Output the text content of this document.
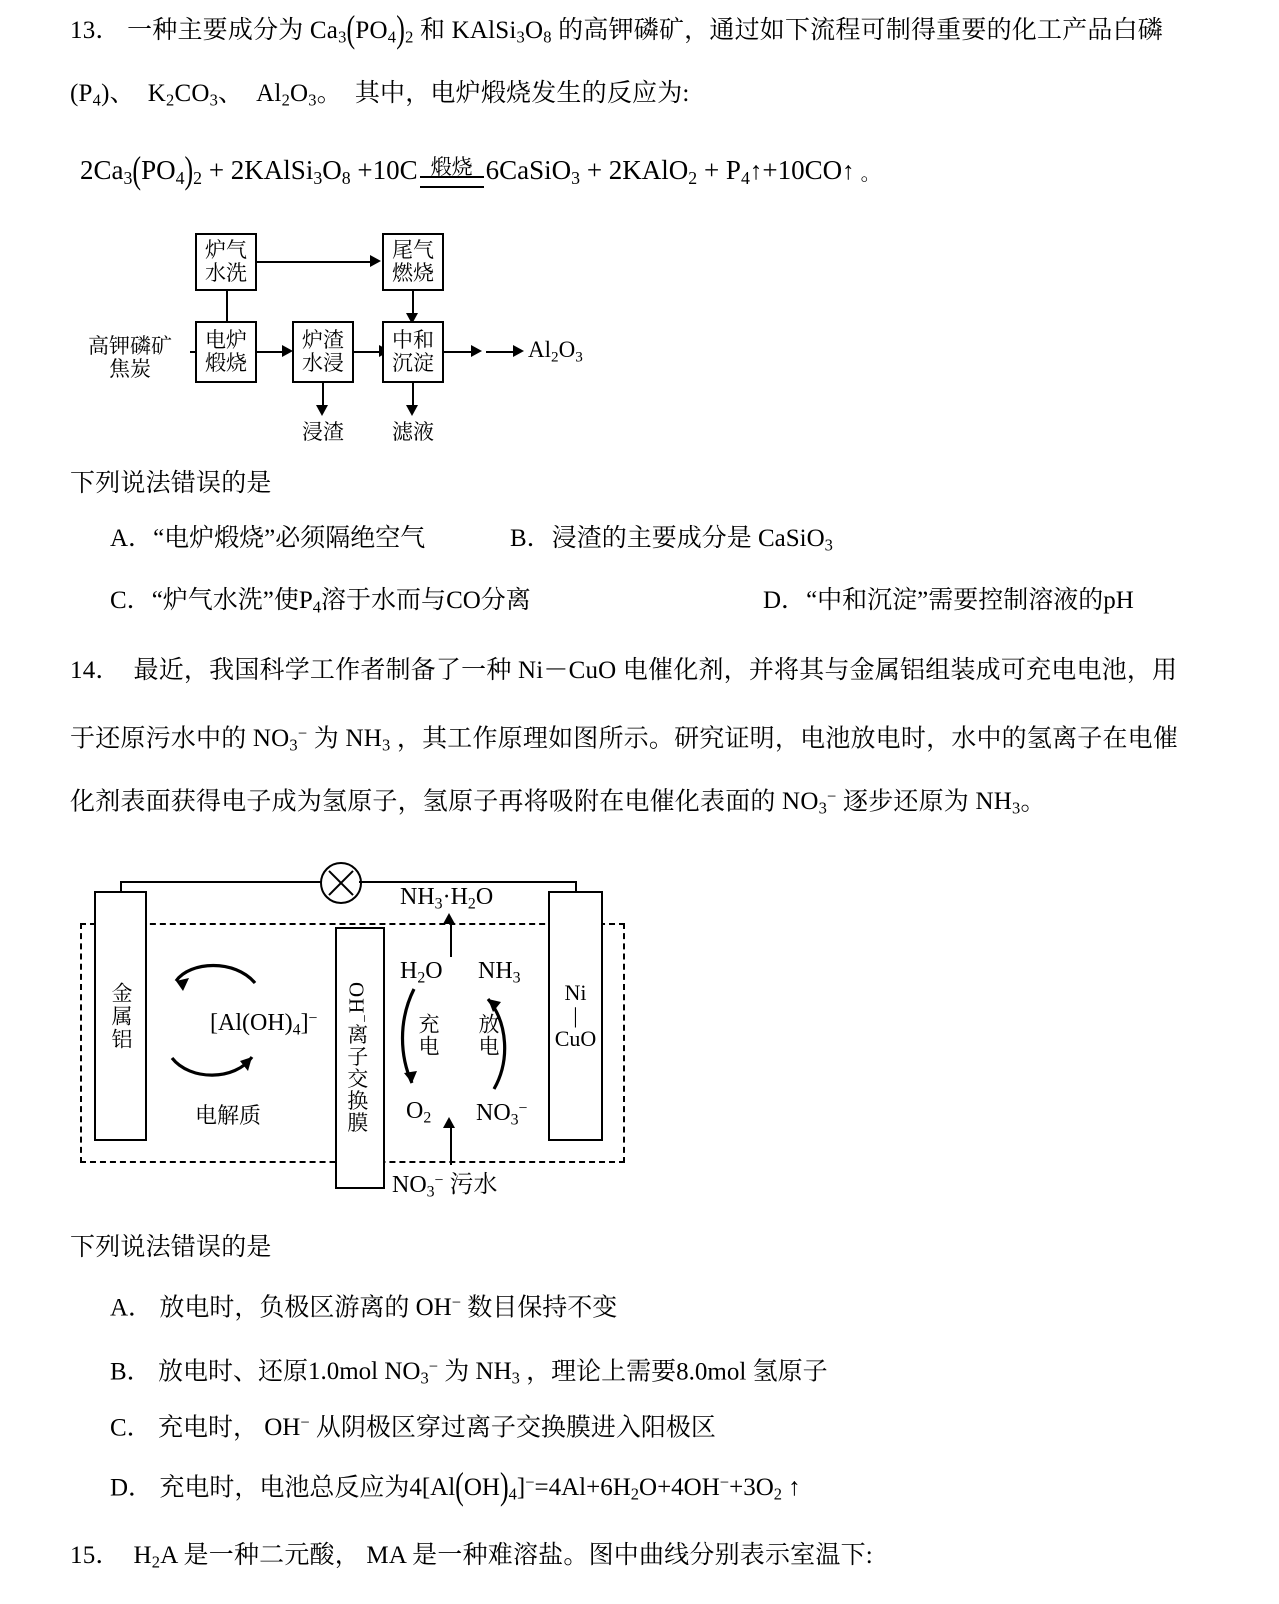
13． 一种主要成分为 $Ca_3(PO_4)_2$ 和 $KAlSi_3O_8$ 的高钾磷矿，通过如下流程可制得重要的化工产品白磷
$(P_4)$、  $K_2CO_3$、  $Al_2O_3$。  其中，电炉煅烧发生的反应为:
$2Ca_3(PO_4)_2$ + $2KAlSi_3O_8 +10C$ 煅烧 6CaSiO$_3$ + 2KAlO$_2$ + $P_4↑+10CO↑$ 。
高钾磷矿
焦炭
电炉
煅烧
炉气
水洗
尾气
燃烧
炉渣
水浸
中和
沉淀
$Al_2O_3$
浸渣	滤液
下列说法错误的是
A．“电炉煅烧”必须隔绝空气	B．浸渣的主要成分是 CaSiO$_3$
C．“炉气水洗”使$P_4$溶于水而与CO分离	D．“中和沉淀”需要控制溶液的pH
14．  最近，我国科学工作者制备了一种 Ni－CuO 电催化剂，并将其与金属铝组装成可充电电池，用
于还原污水中的 $NO_3^-$ 为 $NH_3$ ，其工作原理如图所示。研究证明，电池放电时，水中的氢离子在电催
化剂表面获得电子成为氢原子，氢原子再将吸附在电催化表面的 $NO_3^-$ 逐步还原为 $NH_3$。
金属铝	Ni
|
CuO
OH−离子交换膜
$[Al(OH)_4]^-$
电解质
$NH_3\cdot H_2O$
$H_2O$ $NH_3$
$O_2$ $NO_3^-$
充电 放电
$NO_3^-$ 污水
下列说法错误的是
A． 放电时，负极区游离的 OH− 数目保持不变
B． 放电时、还原1.0mol $NO_3^-$ 为 $NH_3$ ，理论上需要8.0mol 氢原子
C． 充电时， OH− 从阴极区穿过离子交换膜进入阳极区
D． 充电时，电池总反应为$4[Al(OH)_4]^-=4Al+6H_2O+4OH^-+3O_2$ ↑
15． $H_2A$ 是一种二元酸， MA 是一种难溶盐。图中曲线分别表示室温下:
